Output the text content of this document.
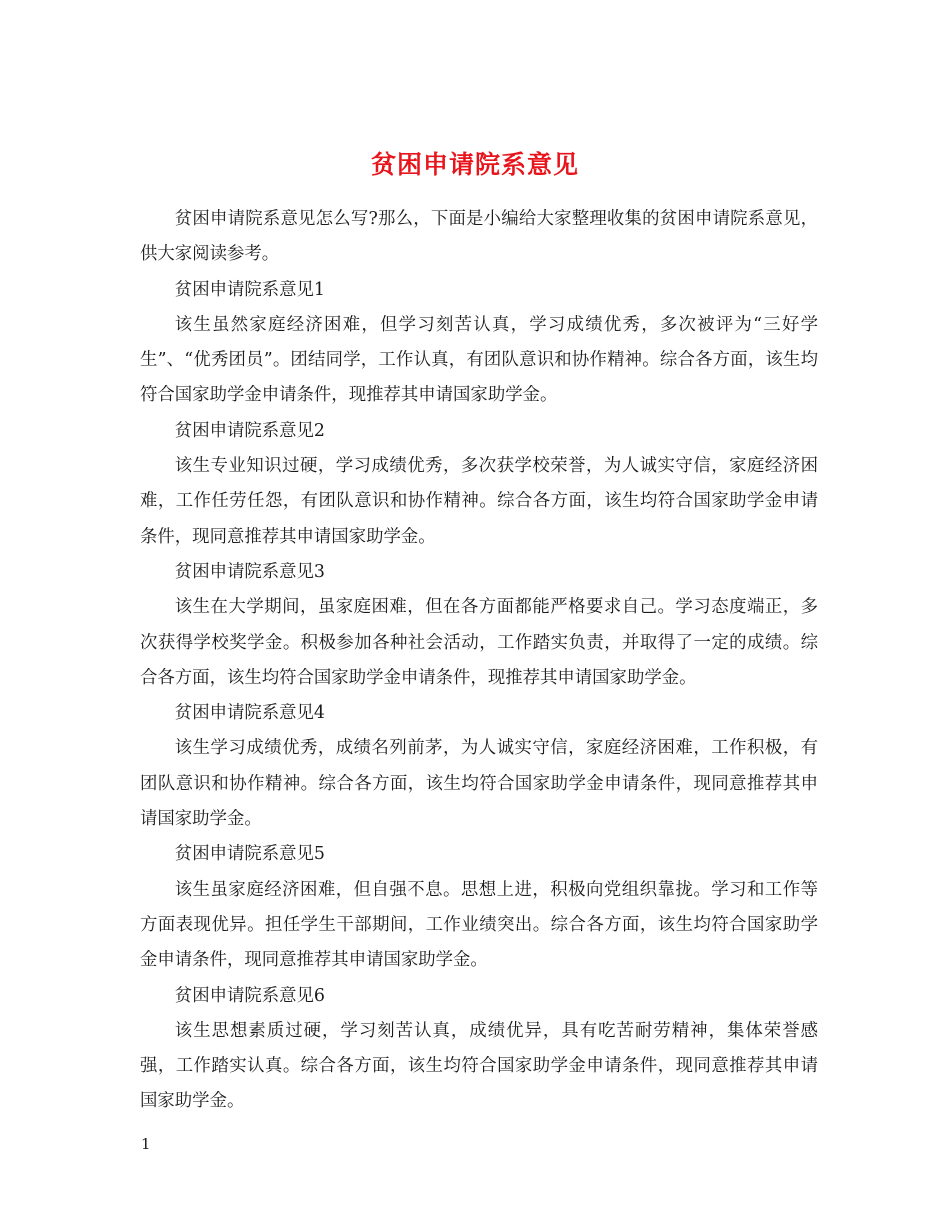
贫困申请院系意见

贫困申请院系意见怎么写?那么，下面是小编给大家整理收集的贫困申请院系意见，供大家阅读参考。

贫困申请院系意见1

该生虽然家庭经济困难，但学习刻苦认真，学习成绩优秀，多次被评为“三好学生”、“优秀团员”。团结同学，工作认真，有团队意识和协作精神。综合各方面，该生均符合国家助学金申请条件，现推荐其申请国家助学金。

贫困申请院系意见2

该生专业知识过硬，学习成绩优秀，多次获学校荣誉，为人诚实守信，家庭经济困难，工作任劳任怨，有团队意识和协作精神。综合各方面，该生均符合国家助学金申请条件，现同意推荐其申请国家助学金。

贫困申请院系意见3

该生在大学期间，虽家庭困难，但在各方面都能严格要求自己。学习态度端正，多次获得学校奖学金。积极参加各种社会活动，工作踏实负责，并取得了一定的成绩。综合各方面，该生均符合国家助学金申请条件，现推荐其申请国家助学金。

贫困申请院系意见4

该生学习成绩优秀，成绩名列前茅，为人诚实守信，家庭经济困难，工作积极，有团队意识和协作精神。综合各方面，该生均符合国家助学金申请条件，现同意推荐其申请国家助学金。

贫困申请院系意见5

该生虽家庭经济困难，但自强不息。思想上进，积极向党组织靠拢。学习和工作等方面表现优异。担任学生干部期间，工作业绩突出。综合各方面，该生均符合国家助学金申请条件，现同意推荐其申请国家助学金。

贫困申请院系意见6

该生思想素质过硬，学习刻苦认真，成绩优异，具有吃苦耐劳精神，集体荣誉感强，工作踏实认真。综合各方面，该生均符合国家助学金申请条件，现同意推荐其申请国家助学金。

1
